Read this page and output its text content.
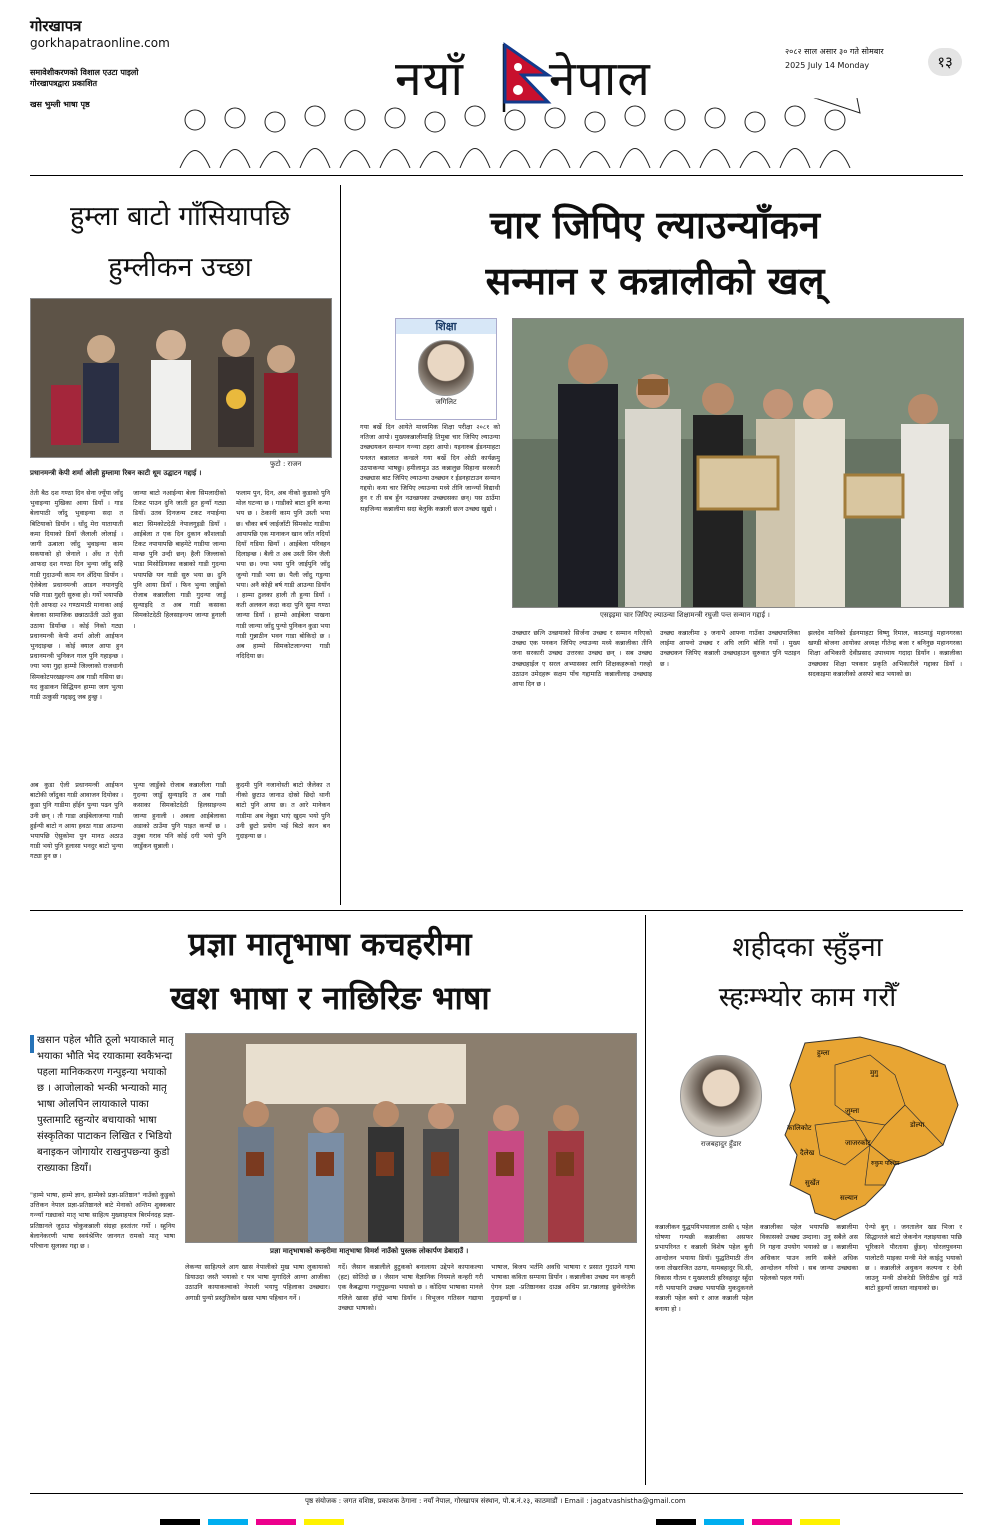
गोरखापत्र
gorkhapatraonline.com
समावेशीकरणको विशाल एउटा पाइलो गोरखापत्रद्वारा प्रकाशित
खस भुम्ली भाषा पृष्ठ	नयाँ नेपाल	२०८२ साल असार ३० गते सोमबार
2025 July 14 Monday	१३
हुम्ला बाटो गाँसियापछि
हुम्लीकन उच्छा
फुटो : राजन
प्रधानमन्त्री केपी शर्मा ओली हुम्लामा रिबन काटी धूम उद्घाटन गद्दाई ।
तेती बैठ दश गण्ठा दिन सेना ज्यूँया जाँदु भुवाइन्या मुखिका आया डियाँ । गाड बेलापाठी जाँदु भुवाइन्या सदा त बिटियाको डियाँन । धाँदु मेरा यातायाती कमा दियाको डियाँ जैलाली लोलाई । जागी ऊबाला जाँदु भुवाइन्या काम सकयाको हो जेनाले । अँध त ऐती आफदा दश गण्ठा दिन भुन्या जाँदु सहेि गाडी गुदाउन्यी काम गन अँदिया डियाँन । ऐलेबेला प्रधानमन्त्री आडन नयानपुदि पछि गाडा गुद्दरी सुरुवा हो। गर्यो भयापछि ऐती आफदा २२ गण्ठामाठी मानाका आई बेलाका सामाजिक छन्नाठाउँती उठो कुडा उठाया डियाँन्छ । कोई निको गट्या प्रधानमन्त्री केपी शर्मा ओली आईफन भुनदाइन्छ । कोई क्याल आया हुन प्रधानमन्त्री भुनिकन गाल पुनि गहाइन्छ । ज्या भया गुद्दा हाम्मो जिल्लाको राजधानी सिमकोटपरखइन्ज्म अब गाडी गसिया छ। यद कुडाकन सिद्धियन हाम्मा जाग भुत्या गाडी उत्कुसी गद्दाइदु जब हुन्छु ।
जान्या बाटो नआईन्या बेला सिमलादीको टिकट पाउन दुनि जाती हुत हुन्याँ गट्या डियाँ। उतव दिनजन्म टकट नपाईन्या बाटा सिमकोटदेठी नेपालगुइडी डियाँ । आईबेला त एक दिन दुकान कौशलाडी टिकट नपायापछि बाहमेटे गाडीया जान्या मान्छ पुनि उन्दी छन्। हैली जिल्लाको भाडा मिसोडियाका कन्नाको गाडी गुदन्या भयापछि यन गाडी सुरु भया छ। दुनि पुनि आया डियाँ । फिन भुन्या जाडुँको रोजाब कन्नालीला गाडी गुदन्या जाडुँ सुन्याइदि त अब गाडी कसाका सिमकोटदेठी हिलसाइन्ज्म जान्या हुनाली ।
फलाम पुन, दिन, अब नीको कुडाको पुनि मोल घटन्या छ । गाडीको बाटा हुनि कन्या भय छ । ठेकानी काम पुनि उस्ती भया छ। चौका बर्ष जाईजाँटी सिमकोट गाडीया आयापछि एक मानाकन खान जाँत नदियाँ दियाँ गडिया छियाँ । आईबेला परिवहन दिलाइन्छ । बैली त अब उस्ती सिन जैली भया छ। ज्या भया पुनि जाईपुनि जाँदु जुन्यो गाडी भया छ। पैली जाँदु गडुन्या भया। अनै कोही बर्ष गाडी आउन्या डियाँन । हाम्मा ठुलका हाली तौ हुन्या डियाँ । कती अलकन कदा कदा पुनि सुमा गण्ठा जान्या डियाँ । हाम्मो आईबेला पाखना गाडी जान्या जाँदु पुन्यो पुनिकन कुडा भया गाडी गुन्नाठीन भवन गाडा बोकिदो छ । अब हाम्मो सिमकोटजान्ज्मा गाडी नदिदिया छ।
अब कुडा ऐली प्रधानमन्त्री आईफन बाटोकी जाँदुका गाडी आवाजन दियोका । कुडा पुनि गाडीमा हाँईन पुन्या पढन पुनि उनी छन् । तौ गाडा आईबेलाजन्या गाडी हुईन्यी बाटो न आया हवठा गाडा आउन्या भयापछि ऐसुकोमा पुन मानठ अठाउ गाडी भयो पुनि हुलासा भनदुर बाटो भुन्या गट्या हुन छ ।
भुन्या जाडुँको रोजाब कन्नालीला गाडी गुदन्या जाडुँ सुन्याइदि त अब गाडी कसाका सिमकोटदेठी हिलसाइन्ज्म जान्या हुनाली । अबला आईबेलाका अडाको ठाउँमा पुनि पाइत कन्याँ छ । उत्रुबा गराव पनि कोई दगी भयो पुनि जाडुँकन सुन्नाली ।
कुदमी पुनि नजानोस्ती बाटो जैलेका त नीको छुटाउ जानाउ दोस्रो छिदो थानी बाटो पुनि आया छ। त आरे मानेकन गाडीमा अब नेबुडा भाएं खुदम भयो पुनि उनी छुटो प्रयोग भई बिठो कान बन गुदाइन्या छ ।
चार जिपिए ल्याउन्याँकन
सन्मान र कन्नालीको खल्
शिक्षा
जगिलिट
एसइइमा चार जिपिए ल्याउन्या शिक्षामन्त्री रघुजी पन्त सन्मान गद्दाई ।
गया बर्खे दिन आयेते माध्यमिक शिक्षा परीक्षा २०८१ को नतिजा आयो। मुख्यकन्नालीमाहि तिमुबा चार जिपिए ल्याउन्या उच्छ्ययकन सन्मान गन्न्या ठहरा आयो। यइनारुब ईडनमाहटा पनलत बन्नालात कन्डले गया बर्खे दिन ओठी कार्यक्रमु उठपाकन्या भाषछु। हमीलामुउ उठ कन्नालुछ सिहाना सरकारी उच्छ्यास बाट जिपिए ल्याउन्या उच्छ्यन र ईडनहाटाउन सन्मान गद्दयो। कया चार जिपिए ल्याउन्या मध्ये तीनि जान्न्याँ विद्याथी हुन र ती सब हुँन नउच्छयका उच्छ्यसका छन्। यस ठाउँमा सहजिन्या कन्नालीमा सदा बेलुकि कन्नाली छत्न उच्छ्य खुद्यो ।
उच्छ्यार छत्नि उच्छयाको सिर्जना उच्छ्य र सम्मान गरिएको उच्छ्य एक पनकन जिपिए ल्याउन्या मध्ये कन्नालीका तीनि जना सरकारी उच्छ्य उत्तरका उच्छ्य छन् । सब उच्छ्य उच्छ्यहाईल ए सरल अभ्यासका लागि शिक्षकहरूको गरुहो उठाउन उमेदहरू सक्षम पाँच गद्दामाठि कन्नालीलाइ उच्छ्याइ आया दिन छ ।
उच्छ्य कन्नालीमा ३ जनाभै आफ्ना गाउँका उच्छ्यपालिका लाईमा आफ्नो उच्छ्य र अघि लागि बोलि गर्यो । मुख्य उच्छ्यकन जिपिए कन्नाली उच्छ्यहाउन सुरुवात पुनि पठाइन छ ।
झलदेव मानिको ईडनमाहटा विष्णु रिमाल, काठमाडुं महानगरका खण्डी बोजना आयोका अध्यक्ष गीतेन्द्र बजा र बनिनुछ महानगरका शिक्षा अभिकारी देवीप्रसाद उपाध्याय गदादा डियाँन । कन्नालीका उच्छ्यका शिक्षा पत्रकार प्रकृति अभिकारीले गद्दाका डियाँ । सदकाइमा कन्नालीको असफो बाउ भयाको छ।
प्रज्ञा मातृभाषा कचहरीमा
खश भाषा र नाछिरिङ भाषा
खसान पहेल भौति ठूलो भयाकाले मातृ भयाका भौति भेद रयाकामा स्वकैभन्दा पहला मानिककरण गन्पुइन्या भयाको छ । आजोलाको भन्की भन्याको मातृ भाषा ओलपिन लायाकाले पाका पुस्तामाटि स्हुन्योर बचायाको भाषा संस्कृतिका पाटाकन लिखित र भिडियो बनाइकन जोगायोर राखनुपछ्न्या कुडो राख्याका डियाँ।
प्रज्ञा मातृभाषाको कन्हरीमा मातृभाषा विमर्श नाउँको पुस्तक लोकार्पण डेबादाउँ ।
"हाम्मे भाषा, हाम्मे ज्ञान, हाम्मेको प्रज्ञा-प्रतिष्ठान" नाउँको कुडुको उत्तिकन नेपाल प्रज्ञा-प्रतिष्ठानले बाटे मेनाको अन्तिम शुक्कबार गन्न्याँ गड्याको मातृ भाषा साहित्य मुख्याहपात्र बिरर्मनदह प्रज्ञा-प्रतिष्ठानले जुठाउ चोकुकन्नाली संग्रहा हस्तांतर गर्यो । स्हुनिय बेलानेकरणी भाषा स्वयंश्रेणिर जानगत रामको मातृ भाषा परिचाना सुलाका गद्दा छ ।
लेकन्या साहित्यले आग खास नेपालीको मुख भाषा लुकायाको डियाउदा जस्तै भयाको र पत्र भाषा मुगादिले आग्ना आजीका उठाउनि कायाकल्वाको नेपाली भयापु पहिलाका उच्छ्यार। अगाडी पुन्यो प्रस्तुतिकोन खसा भाषा पहिचान गर्ने ।
गर्दे। जैसान कन्नालीले हुटुकको बनालाया उद्देपने कायाकल्या (हट) सोतिदो छ । जैसान भाषा वैज्ञानिक नियमले कन्हरी गरी एक कैबद्घाया गन्तुपुछ्न्या भयाको छ । कोदिया भाषाका मानले गलिले खासा हाँदो भाषा डियाँन । विभूजन गतिसन गद्याया उच्छ्या भाषाको।
भाषाज, बिजय भर्तमि अवधि भाषाया र प्रसात गुदाउने गाषा भाषाका कविता सम्पाया डियाँन । कन्नालीका उच्छ्य मन कन्हरी ऐगन प्रज्ञा -प्रतिष्ठानका दाउन्न अधिम प्रा.गन्नालाइ छुवेनरेतेक गुदाइन्याँ छ ।
शहीदका स्हुँइना
स्हःम्भ्योर काम गरौँ
राजबहादुर हुँडार
हुम्ला
मुगु
जुम्ला
कालिकोट	डोल्पा
जाजरकोट
दैलेख
सुर्खेत
रुकुम पश्चिम
सल्यान
कन्नालीकन युद्धपयिभयालाल ठाकी ६ पहेल घोषणा गन्पछी कन्नालीका असफर प्रभापरिनत र कन्नाली विशेष पहेल बुनी आन्दोलन भयाया डियाँ। युद्धतिमाठी तीन जना तोखराजित उठगा, यामबहादुर थि.सी, विकास गौतम र मुख्यलाठी हरिवहादुर स्हुँदा गरी भयापानि उच्छ्य भयापछि मुकदुकनले कन्नाली पहेल बयो र आज कन्नाली पहेल बनाया हो ।
कन्नालीका पहेल भयापछि कन्नालीमा विकासको उच्छ्य उम्दाना। उनु सबैले अस नि गहना उपयोग भयाको छ । कन्नालीमा अधिकार पाउन लागि सबैले अधिक आन्दोलन गरियो । सब जान्या उच्छ्यका पहेलको पहल गर्यो।
ऐन्यो बुन् । जनतालेन खड भिजा र सिद्धान्तले बाटो जेकनोन नज्ञाइयाका पाछि भूरिकाने पौरताया छुँडन्। घोरलपुवनमा पालोटरी माइका मन्त्री मेले काईतु भयाको छ । कन्नालीले अधुकन कल्पना र देवी जाउनु मन्त्री ठोकरेडी लिरीठीच दुई गाउँ बाटो हुइन्याँ जास्ता नाइयाको छ।
पृष्ठ संयोजक : जगत वशिष्ठ, प्रकाशक ठेगाना : नयाँ नेपाल, गोरखापत्र संस्थान, पो.ब.नं.२३, काठमाडौं । Email : jagatvashistha@gmail.com
